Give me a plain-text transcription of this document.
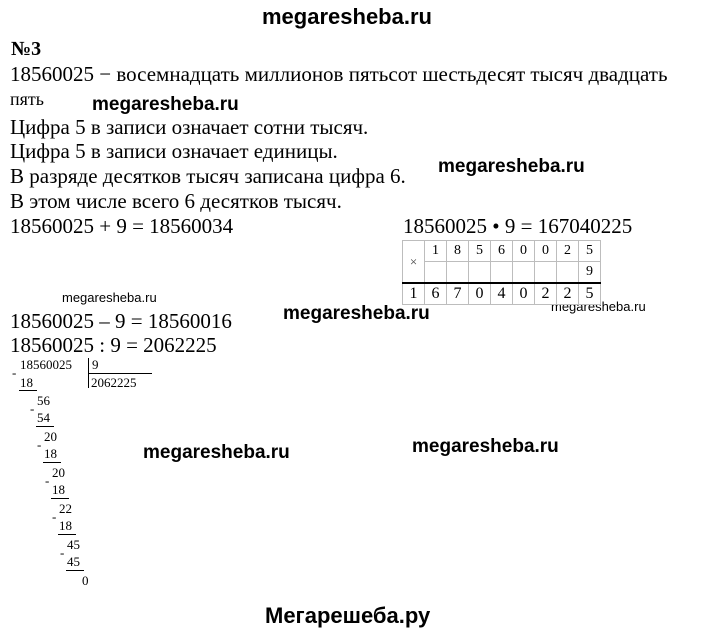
megaresheba.ru
megaresheba.ru
megaresheba.ru
megaresheba.ru
megaresheba.ru	megaresheba.ru
megaresheba.ru
megaresheba.ru
Мегарешеба.ру
№3
18560025 − восемнадцать миллионов пятьсот шестьдесят тысяч двадцать
пять
Цифра 5 в записи означает сотни тысяч.
Цифра 5 в записи означает единицы.
В разряде десятков тысяч записана цифра 6.
В этом числе всего 6 десятков тысяч.
18560025 + 9 = 18560034	18560025 • 9 = 167040225
18560025 – 9 = 18560016
18560025 : 9 = 2062225
×	1	8	5	6	0	0	2	5
								9
1	6	7	0	4	0	2	2	5
18560025 9
2062225
-
18
56
-
54
20
-
18
20
-
18
22
-
18
45
-
45
0
